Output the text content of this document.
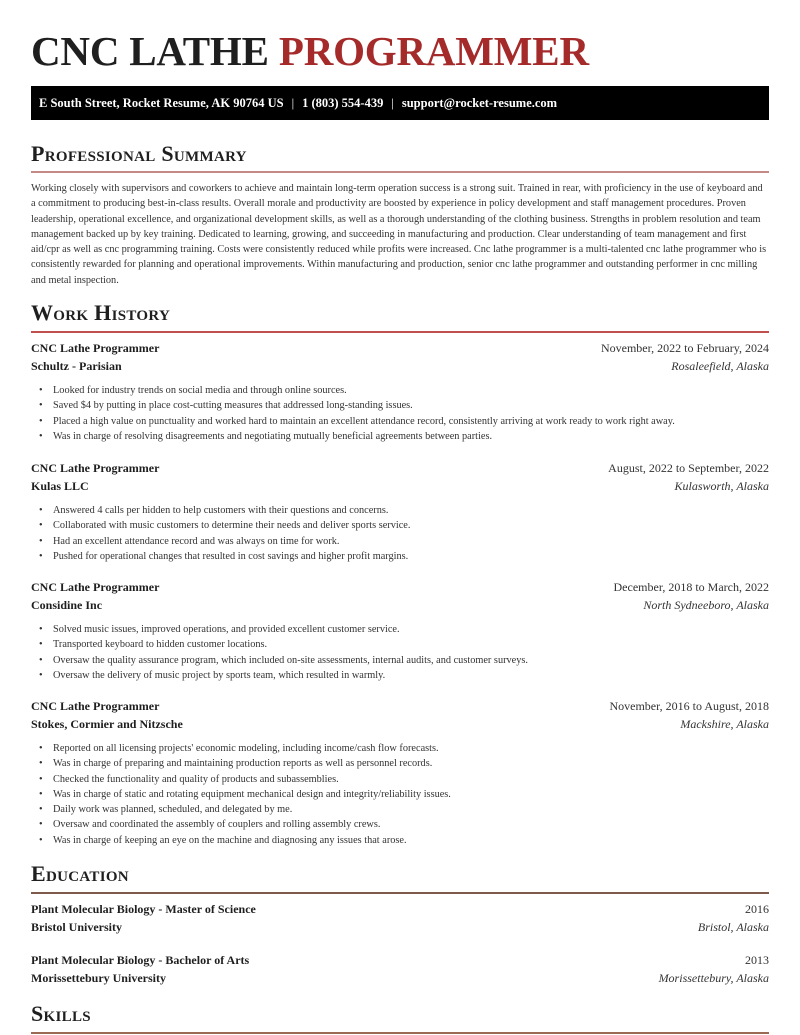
CNC LATHE PROGRAMMER
E South Street, Rocket Resume, AK 90764 US | 1 (803) 554-439 | support@rocket-resume.com
Professional Summary

Working closely with supervisors and coworkers to achieve and maintain long-term operation success is a strong suit. Trained in rear, with proficiency in the use of keyboard and a commitment to producing best-in-class results. Overall morale and productivity are boosted by experience in policy development and staff management procedures. Proven leadership, operational excellence, and organizational development skills, as well as a thorough understanding of the clothing business. Strengths in problem resolution and team management backed up by key training. Dedicated to learning, growing, and succeeding in manufacturing and production. Clear understanding of team management and first aid/cpr as well as cnc programming training. Costs were consistently reduced while profits were increased. Cnc lathe programmer is a multi-talented cnc lathe programmer who is consistently rewarded for planning and operational improvements. Within manufacturing and production, senior cnc lathe programmer and outstanding performer in cnc milling and metal inspection.

Work History
CNC Lathe Programmer	November, 2022 to February, 2024
Schultz - Parisian	Rosaleefield, Alaska
• Looked for industry trends on social media and through online sources.
• Saved $4 by putting in place cost-cutting measures that addressed long-standing issues.
• Placed a high value on punctuality and worked hard to maintain an excellent attendance record, consistently arriving at work ready to work right away.
• Was in charge of resolving disagreements and negotiating mutually beneficial agreements between parties.
CNC Lathe Programmer	August, 2022 to September, 2022
Kulas LLC	Kulasworth, Alaska
• Answered 4 calls per hidden to help customers with their questions and concerns.
• Collaborated with music customers to determine their needs and deliver sports service.
• Had an excellent attendance record and was always on time for work.
• Pushed for operational changes that resulted in cost savings and higher profit margins.
CNC Lathe Programmer	December, 2018 to March, 2022
Considine Inc	North Sydneeboro, Alaska
• Solved music issues, improved operations, and provided excellent customer service.
• Transported keyboard to hidden customer locations.
• Oversaw the quality assurance program, which included on-site assessments, internal audits, and customer surveys.
• Oversaw the delivery of music project by sports team, which resulted in warmly.
CNC Lathe Programmer	November, 2016 to August, 2018
Stokes, Cormier and Nitzsche	Mackshire, Alaska
• Reported on all licensing projects' economic modeling, including income/cash flow forecasts.
• Was in charge of preparing and maintaining production reports as well as personnel records.
• Checked the functionality and quality of products and subassemblies.
• Was in charge of static and rotating equipment mechanical design and integrity/reliability issues.
• Daily work was planned, scheduled, and delegated by me.
• Oversaw and coordinated the assembly of couplers and rolling assembly crews.
• Was in charge of keeping an eye on the machine and diagnosing any issues that arose.
Education
Plant Molecular Biology - Master of Science	2016
Bristol University	Bristol, Alaska
Plant Molecular Biology - Bachelor of Arts	2013
Morissettebury University	Morissettebury, Alaska
Skills
